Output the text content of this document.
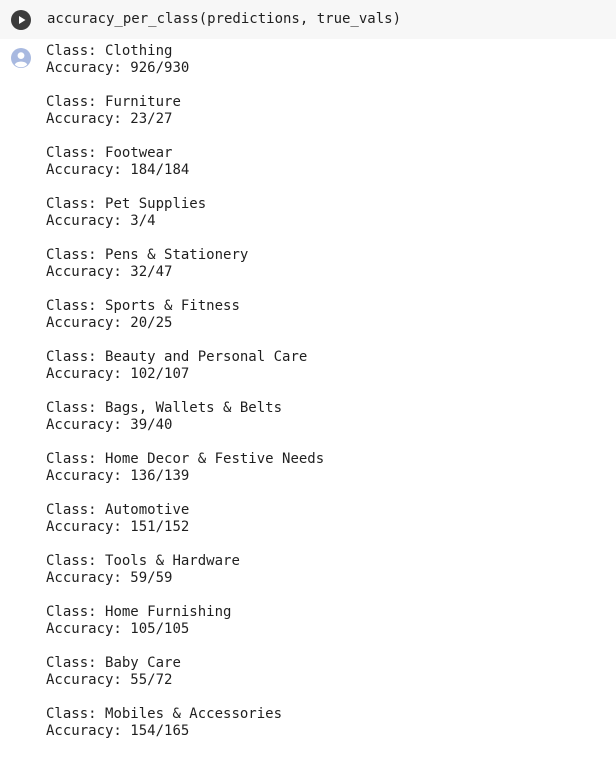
accuracy_per_class(predictions, true_vals)
Class: Clothing
Accuracy: 926/930
Class: Furniture
Accuracy: 23/27
Class: Footwear
Accuracy: 184/184
Class: Pet Supplies
Accuracy: 3/4
Class: Pens & Stationery
Accuracy: 32/47
Class: Sports & Fitness
Accuracy: 20/25
Class: Beauty and Personal Care
Accuracy: 102/107
Class: Bags, Wallets & Belts
Accuracy: 39/40
Class: Home Decor & Festive Needs
Accuracy: 136/139
Class: Automotive
Accuracy: 151/152
Class: Tools & Hardware
Accuracy: 59/59
Class: Home Furnishing
Accuracy: 105/105
Class: Baby Care
Accuracy: 55/72
Class: Mobiles & Accessories
Accuracy: 154/165
